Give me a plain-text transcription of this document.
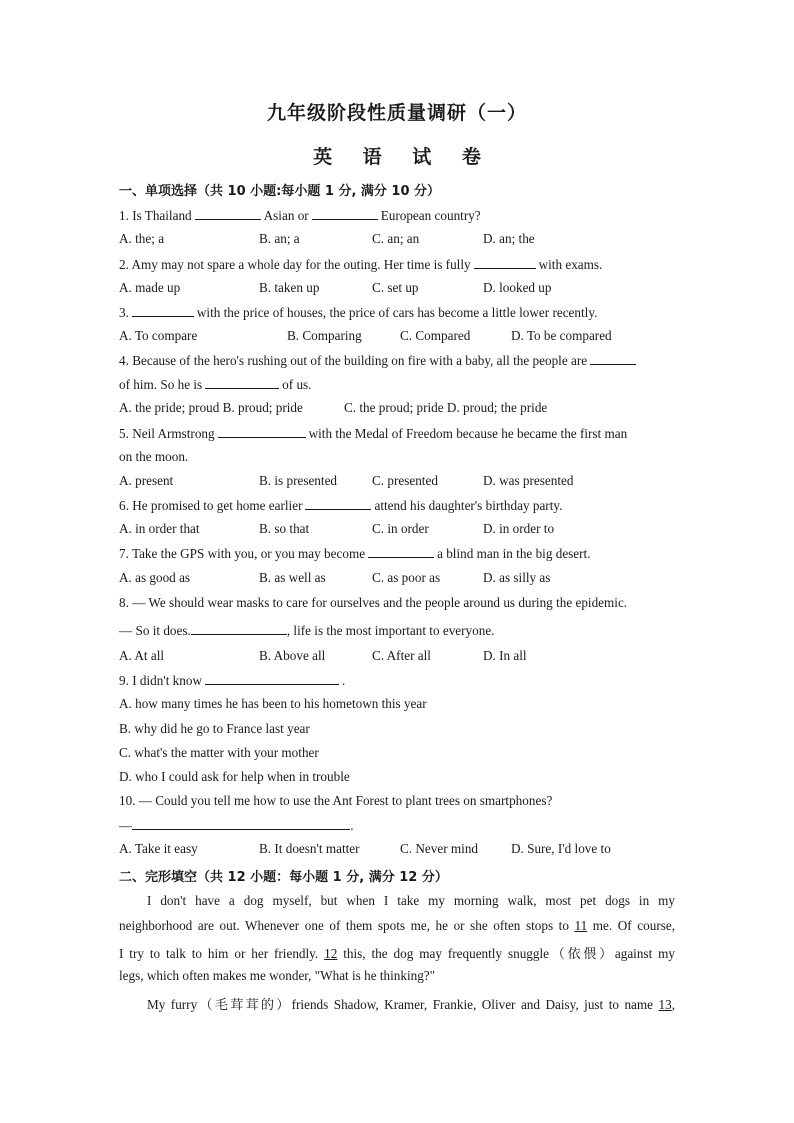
九年级阶段性质量调研（一）
英 语 试 卷
一、单项选择（共 10 小题:每小题 1 分, 满分 10 分）
1. Is Thailand	Asian or	European country?
A. the; a	B. an; a	C. an; an	D. an; the
2. Amy may not spare a whole day for the outing. Her time is fully	with exams.
A. made up	B. taken up	C. set up	D. looked up
3.	with the price of houses, the price of cars has become a little lower recently.
A. To compare	B. Comparing	C. Compared	D. To be compared
4. Because of the hero's rushing out of the building on fire with a baby, all the people are
of him. So he is	of us.
A. the pride; proud B. proud; pride	C. the proud; pride D. proud; the pride
5. Neil Armstrong	with the Medal of Freedom because he became the first man
on the moon.
A. present	B. is presented	C. presented	D. was presented
6. He promised to get home earlier	attend his daughter's birthday party.
A. in order that	B. so that	C. in order	D. in order to
7. Take the GPS with you, or you may become	a blind man in the big desert.
A. as good as	B. as well as	C. as poor as	D. as silly as
8. — We should wear masks to care for ourselves and the people around us during the epidemic.
— So it does.	, life is the most important to everyone.
A. At all	B. Above all	C. After all	D. In all
9. I didn't know	.
A. how many times he has been to his hometown this year
B. why did he go to France last year
C. what's the matter with your mother
D. who I could ask for help when in trouble
10. — Could you tell me how to use the Ant Forest to plant trees on smartphones?
—	.
A. Take it easy	B. It doesn't matter	C. Never mind D. Sure, I'd love to
二、完形填空（共 12 小题：每小题 1 分, 满分 12 分）
I don't have a dog myself, but when I take my morning walk, most pet dogs in my
neighborhood are out. Whenever one of them spots me, he or she often stops to 11 me. Of course,
I try to talk to him or her friendly. 12 this, the dog may frequently snuggle（依偎）against my
legs, which often makes me wonder, "What is he thinking?"
My furry（毛茸茸的）friends Shadow, Kramer, Frankie, Oliver and Daisy, just to name 13,
